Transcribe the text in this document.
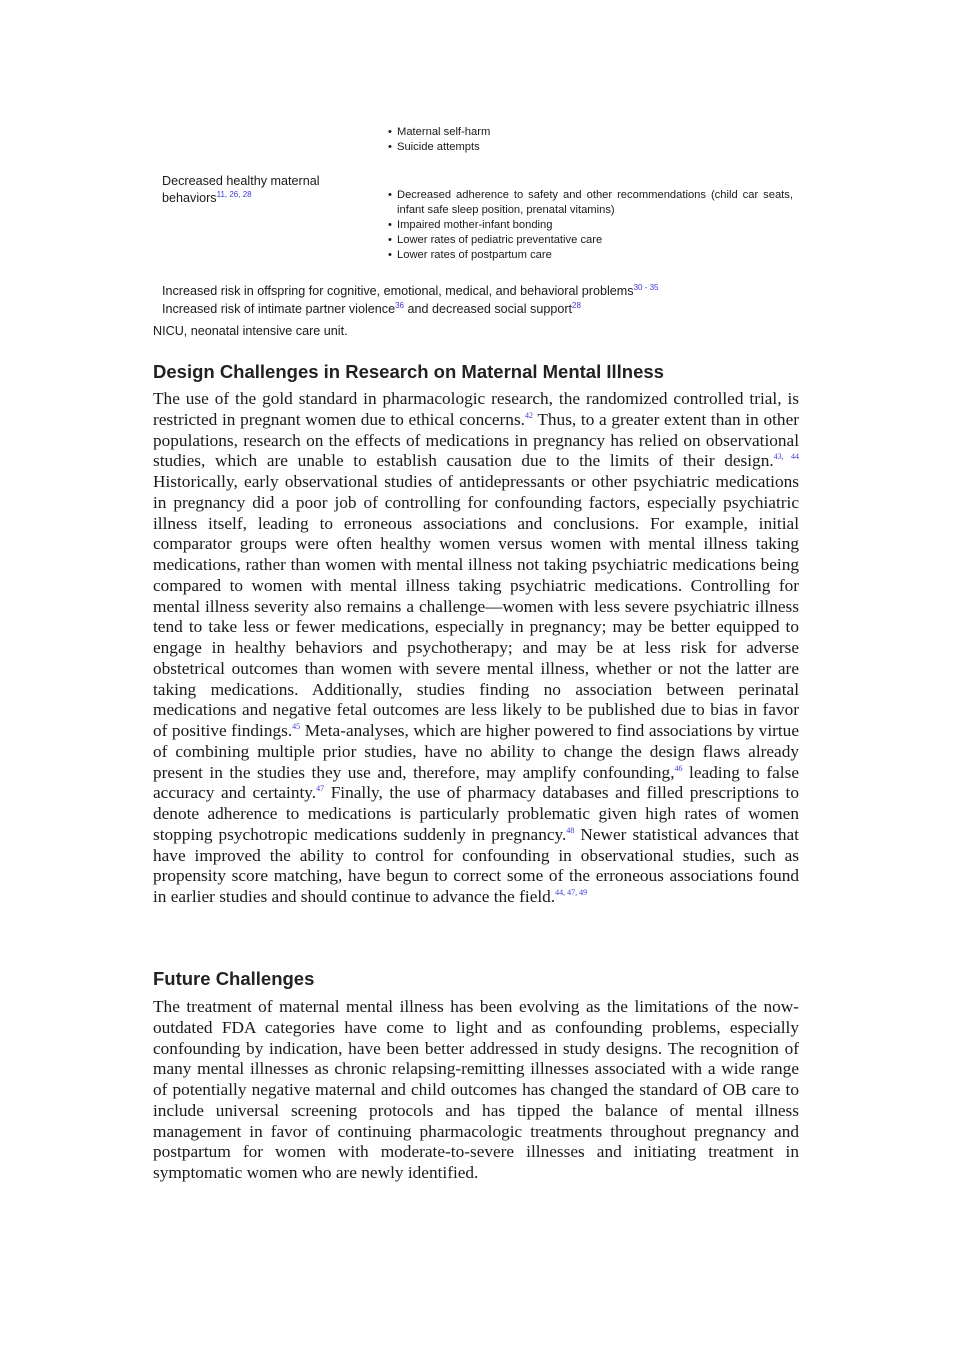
• Maternal self-harm
• Suicide attempts
Decreased healthy maternal behaviors$^{11, 26, 28}$
•	Decreased adherence to safety and other recommendations (child car seats, infant safe sleep position, prenatal vitamins)
• Impaired mother-infant bonding
• Lower rates of pediatric preventative care
• Lower rates of postpartum care
Increased risk in offspring for cognitive, emotional, medical, and behavioral problems$^{30 - 35}$
Increased risk of intimate partner violence$^{36}$ and decreased social support$^{28}$
NICU, neonatal intensive care unit.
Design Challenges in Research on Maternal Mental Illness

The use of the gold standard in pharmacologic research, the randomized controlled trial, is restricted in pregnant women due to ethical concerns.$^{42}$ Thus, to a greater extent than in other populations, research on the effects of medications in pregnancy has relied on observational studies, which are unable to establish causation due to the limits of their design.$^{43, 44}$ Historically, early observational studies of antidepressants or other psychiatric medications in pregnancy did a poor job of controlling for confounding factors, especially psychiatric illness itself, leading to erroneous associations and conclusions. For example, initial comparator groups were often healthy women versus women with mental illness taking medications, rather than women with mental illness not taking psychiatric medications being compared to women with mental illness taking psychiatric medications. Controlling for mental illness severity also remains a challenge—women with less severe psychiatric illness tend to take less or fewer medications, especially in pregnancy; may be better equipped to engage in healthy behaviors and psychotherapy; and may be at less risk for adverse obstetrical outcomes than women with severe mental illness, whether or not the latter are taking medications. Additionally, studies finding no association between perinatal medications and negative fetal outcomes are less likely to be published due to bias in favor of positive findings.$^{45}$ Meta-analyses, which are higher powered to find associations by virtue of combining multiple prior studies, have no ability to change the design flaws already present in the studies they use and, therefore, may amplify confounding,$^{46}$ leading to false accuracy and certainty.$^{47}$ Finally, the use of pharmacy databases and filled prescriptions to denote adherence to medications is particularly problematic given high rates of women stopping psychotropic medications suddenly in pregnancy.$^{48}$ Newer statistical advances that have improved the ability to control for confounding in observational studies, such as propensity score matching, have begun to correct some of the erroneous associations found in earlier studies and should continue to advance the field.$^{44, 47, 49}$

Future Challenges

The treatment of maternal mental illness has been evolving as the limitations of the now-outdated FDA categories have come to light and as confounding problems, especially confounding by indication, have been better addressed in study designs. The recognition of many mental illnesses as chronic relapsing-remitting illnesses associated with a wide range of potentially negative maternal and child outcomes has changed the standard of OB care to include universal screening protocols and has tipped the balance of mental illness management in favor of continuing pharmacologic treatments throughout pregnancy and postpartum for women with moderate-to-severe illnesses and initiating treatment in symptomatic women who are newly identified.
